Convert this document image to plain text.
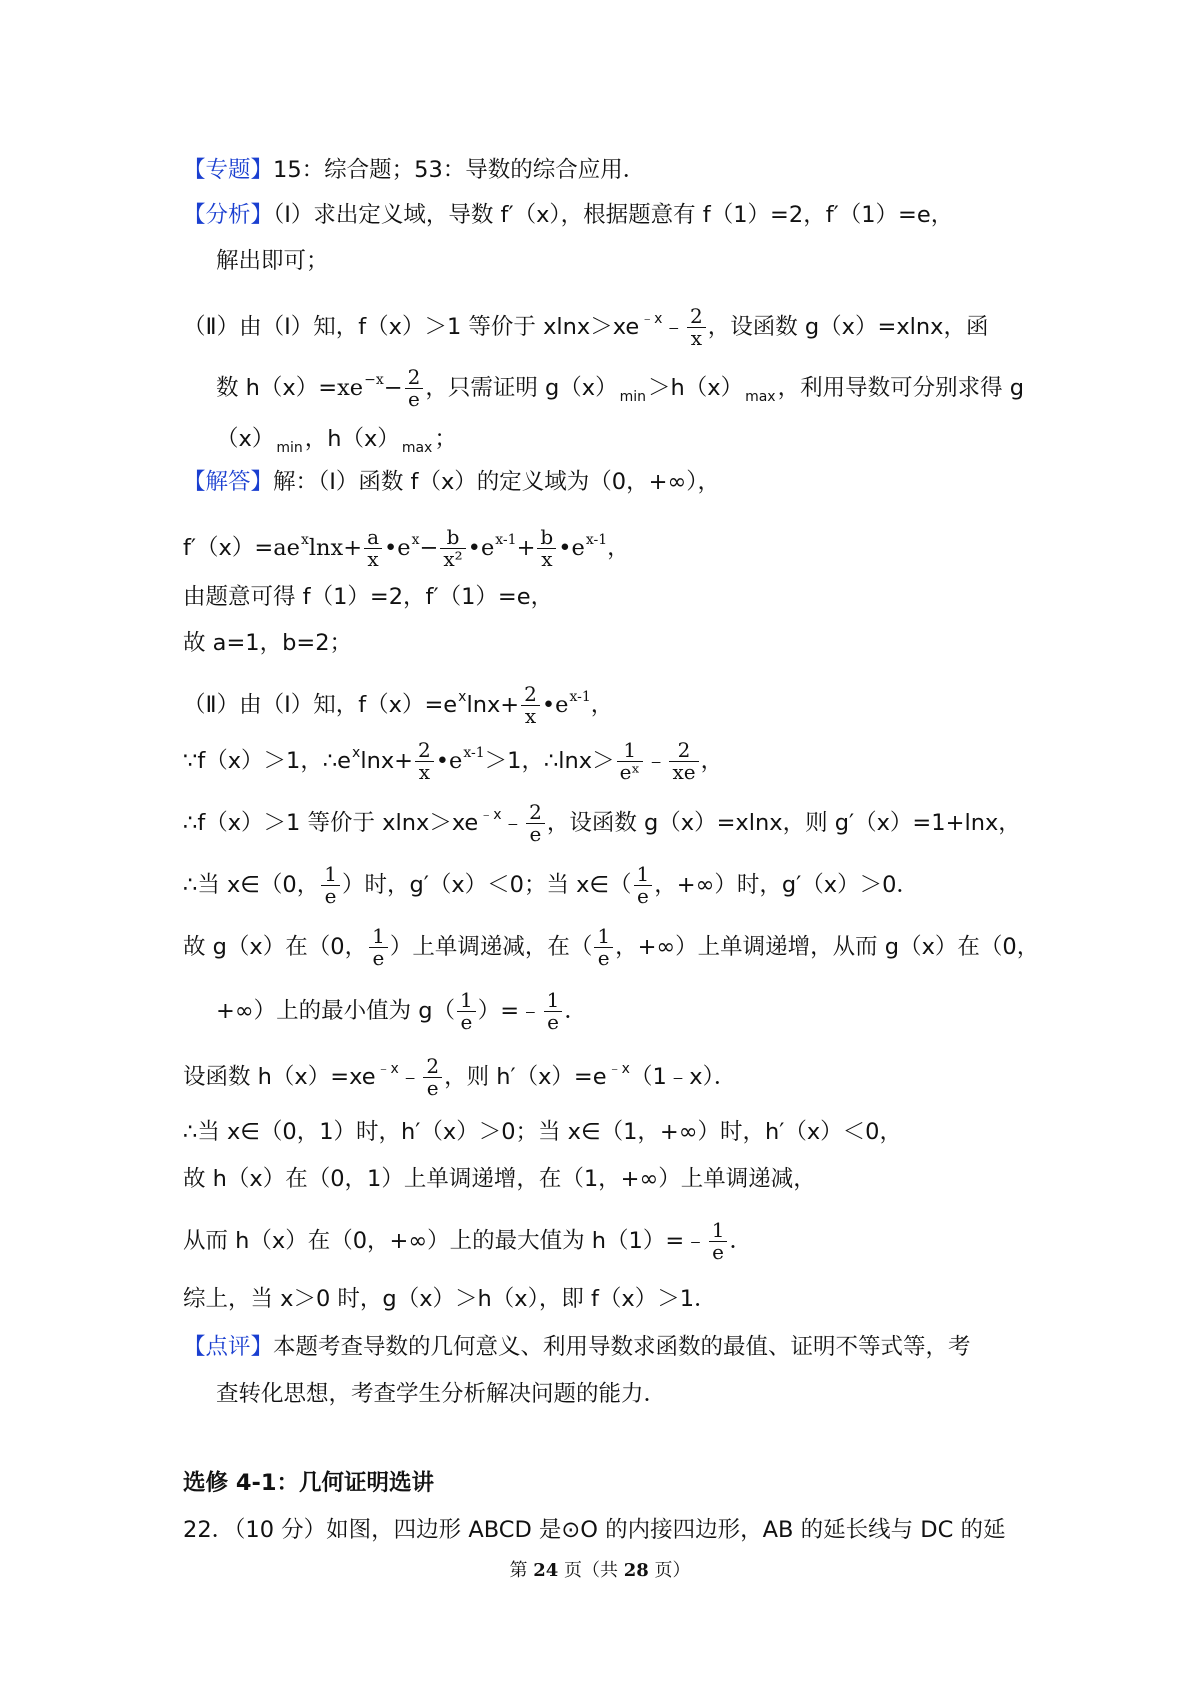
【专题】15：综合题；53：导数的综合应用．
【分析】（Ⅰ）求出定义域，导数 f′（x），根据题意有 f（1）=2，f′（1）=e，
解出即可；
（Ⅱ）由（Ⅰ）知，f（x）＞1 等价于 $xlnx>xe^{﹣x}﹣ \frac{2}{x}$ ，设函数 g（x）=xlnx，函
数 $h(x)=xe^{-x}- \frac{2}{e}$ ，只需证明 g（x） $_{min}$＞h（x） $_{max}$，利用导数可分别求得 g
（x） $_{min}$，h（x） $_{max}$；
【解答】解：（Ⅰ）函数 f（x）的定义域为（0，+∞），
$f'(x)=ae^x\ln x+ \frac{a}{x}$ $•e^x- \frac{b}{\text{x²}}$ $•e^{x-1}+ \frac{b}{x}$ $•e^{x-1}$，
由题意可得 f（1）=2，f′（1）=e，
故 a=1，b=2；
（Ⅱ）由（Ⅰ）知，$f(x)=e^x\ln x+ \frac{2}{x}$ $•e^{x-1}$，
∵f（x）＞1，$\therefore e^x\ln x+ \frac{2}{x}$ $•e^{x-1}>1$，∴lnx＞ $\frac{1}{\text{eˣ}}$ ﹣ $\frac{2}{xe}$ ，
∴f（x）＞1 等价于 $xlnx>xe^{﹣x}﹣ \frac{2}{e}$ ，设函数 g（x）=xlnx，则 g′（x）=1+lnx，
∴当 x∈（0， $\frac{1}{e}$ ）时，g′（x）＜0；当 x∈（ $\frac{1}{e}$ ，+∞）时，g′（x）＞0．
故 g（x）在（0， $\frac{1}{e}$ ）上单调递减，在（ $\frac{1}{e}$ ，+∞）上单调递增，从而 g（x）在（0，
+∞）上的最小值为 $g( \frac{1}{e}$ ）=﹣ $\frac{1}{e}$ ．
设函数 $h(x)=xe^{﹣x}﹣ \frac{2}{e}$ ，则 $h'(x)=e^{﹣x}(1﹣x)$．
∴当 x∈（0，1）时，h′（x）＞0；当 x∈（1，+∞）时，h′（x）＜0，
故 h（x）在（0，1）上单调递增，在（1，+∞）上单调递减，
从而 h（x）在（0，+∞）上的最大值为 h（1）=﹣ $\frac{1}{e}$ ．
综上，当 x＞0 时，g（x）＞h（x），即 f（x）＞1．
【点评】本题考查导数的几何意义、利用导数求函数的最值、证明不等式等，考
查转化思想，考查学生分析解决问题的能力．
选修 4-1：几何证明选讲
22．（10 分）如图，四边形 ABCD 是⊙O 的内接四边形，AB 的延长线与 DC 的延
第 24 页（共 28 页）
